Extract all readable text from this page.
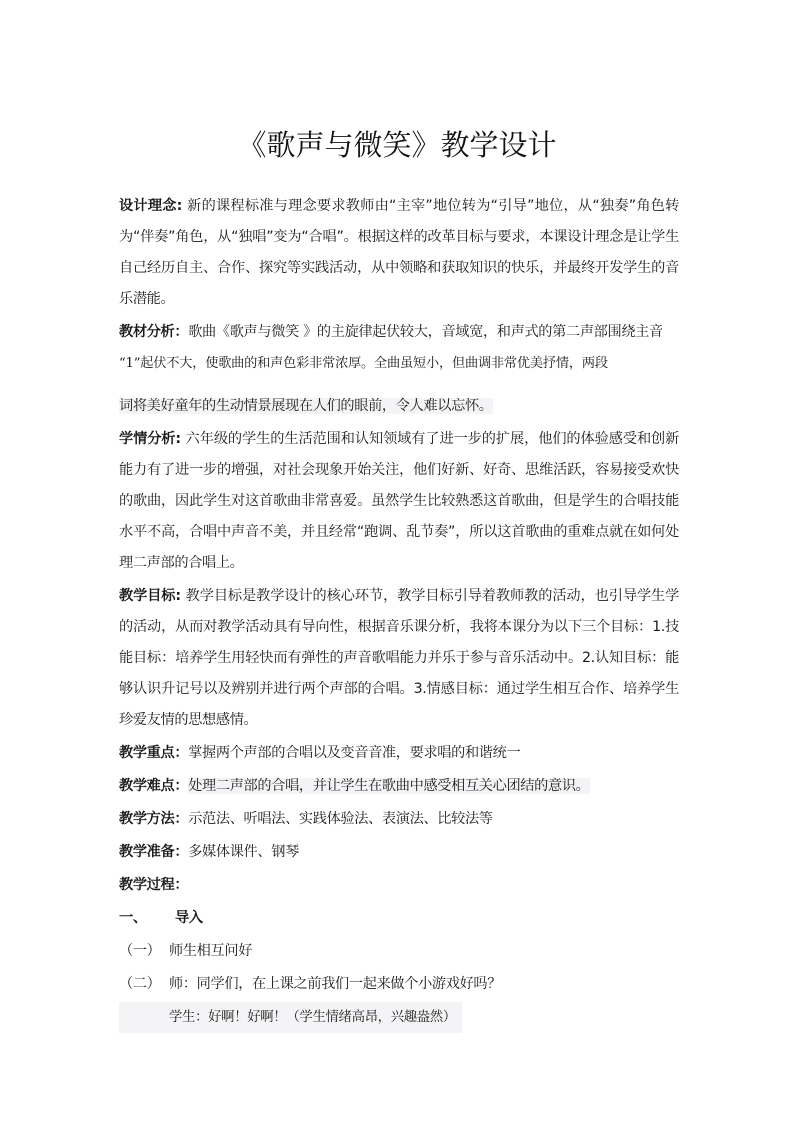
《歌声与微笑》教学设计

设计理念: 新的课程标准与理念要求教师由“主宰”地位转为“引导”地位，从“独奏”角色转为“伴奏”角色，从“独唱”变为“合唱”。根据这样的改革目标与要求，本课设计理念是让学生自己经历自主、合作、探究等实践活动，从中领略和获取知识的快乐，并最终开发学生的音乐潜能。

教材分析：歌曲《歌声与微笑 》的主旋律起伏较大，音域宽，和声式的第二声部围绕主音
“1”起伏不大，使歌曲的和声色彩非常浓厚。全曲虽短小，但曲调非常优美抒情，两段
词将美好童年的生动情景展现在人们的眼前，令人难以忘怀。

学情分析: 六年级的学生的生活范围和认知领域有了进一步的扩展，他们的体验感受和创新能力有了进一步的增强，对社会现象开始关注，他们好新、好奇、思维活跃，容易接受欢快的歌曲，因此学生对这首歌曲非常喜爱。虽然学生比较熟悉这首歌曲，但是学生的合唱技能水平不高，合唱中声音不美，并且经常“跑调、乱节奏”，所以这首歌曲的重难点就在如何处理二声部的合唱上。

教学目标: 教学目标是教学设计的核心环节，教学目标引导着教师教的活动，也引导学生学的活动，从而对教学活动具有导向性，根据音乐课分析，我将本课分为以下三个目标：1.技能目标：培养学生用轻快而有弹性的声音歌唱能力并乐于参与音乐活动中。2.认知目标：能够认识升记号以及辨别并进行两个声部的合唱。3.情感目标：通过学生相互合作、培养学生珍爱友情的思想感情。

教学重点：掌握两个声部的合唱以及变音音准，要求唱的和谐统一

教学难点：处理二声部的合唱，并让学生在歌曲中感受相互关心团结的意识。

教学方法：示范法、听唱法、实践体验法、表演法、比较法等

教学准备：多媒体课件、钢琴

教学过程：

一、 导入

（一） 师生相互问好

（二） 师：同学们，在上课之前我们一起来做个小游戏好吗？

学生：好啊！好啊！（学生情绪高昂，兴趣盎然）
